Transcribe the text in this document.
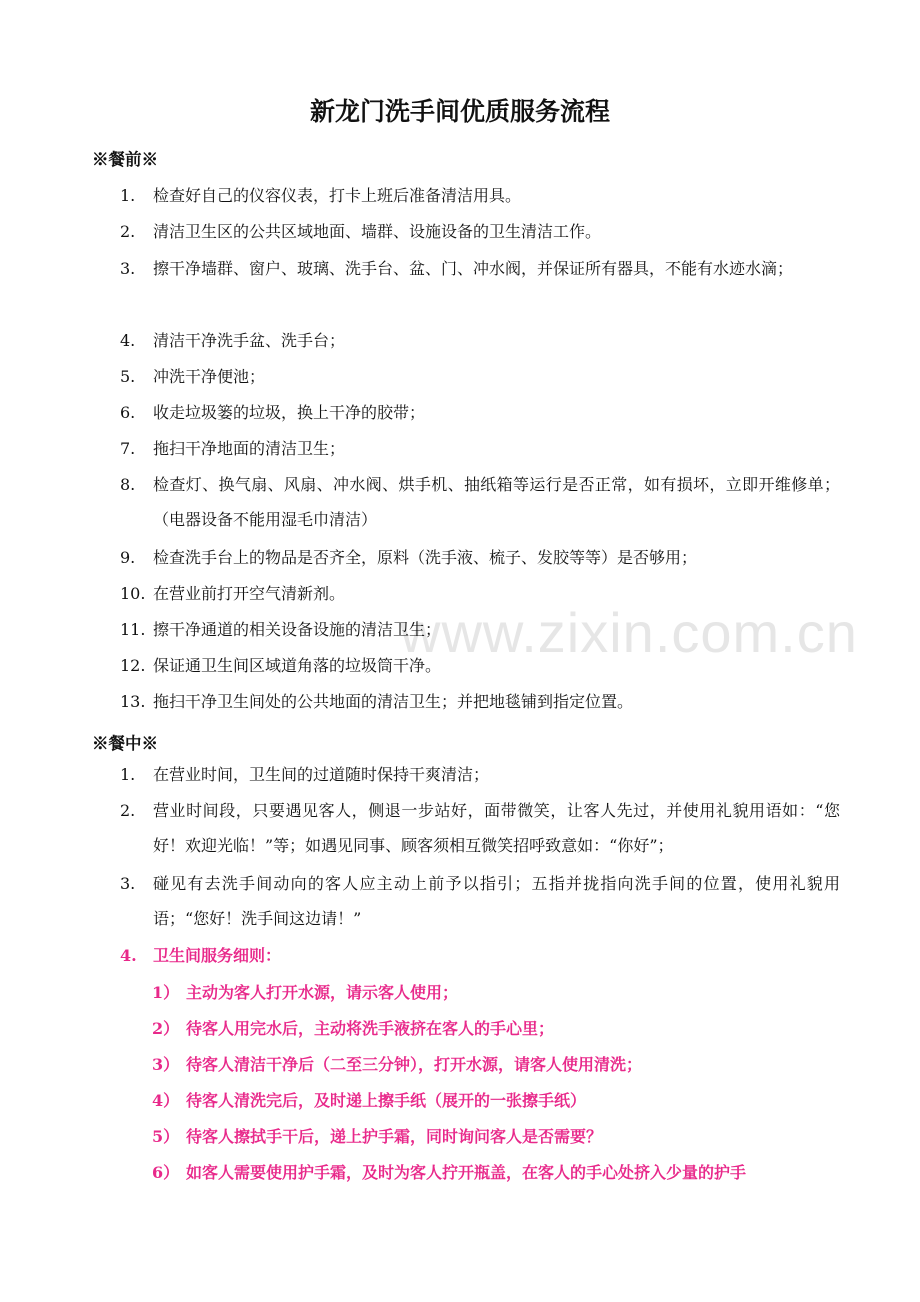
www.zixin.com.cn
新龙门洗手间优质服务流程
※餐前※
1. 检查好自己的仪容仪表，打卡上班后准备清洁用具。
2. 清洁卫生区的公共区域地面、墙群、设施设备的卫生清洁工作。
3. 擦干净墙群、窗户、玻璃、洗手台、盆、门、冲水阀，并保证所有器具，不能有水迹水滴；
4. 清洁干净洗手盆、洗手台；
5. 冲洗干净便池；
6. 收走垃圾篓的垃圾，换上干净的胶带；
7. 拖扫干净地面的清洁卫生；
8. 检查灯、换气扇、风扇、冲水阀、烘手机、抽纸箱等运行是否正常，如有损坏，立即开维修单；（电器设备不能用湿毛巾清洁）
9. 检查洗手台上的物品是否齐全，原料（洗手液、梳子、发胶等等）是否够用；
10. 在营业前打开空气清新剂。
11. 擦干净通道的相关设备设施的清洁卫生；
12. 保证通卫生间区域道角落的垃圾筒干净。
13. 拖扫干净卫生间处的公共地面的清洁卫生；并把地毯铺到指定位置。
※餐中※
1. 在营业时间，卫生间的过道随时保持干爽清洁；
2. 营业时间段，只要遇见客人，侧退一步站好，面带微笑，让客人先过，并使用礼貌用语如：“您好！欢迎光临！”等；如遇见同事、顾客须相互微笑招呼致意如：“你好”；
3. 碰见有去洗手间动向的客人应主动上前予以指引；五指并拢指向洗手间的位置，使用礼貌用语；“您好！洗手间这边请！”
4. 卫生间服务细则：
1） 主动为客人打开水源，请示客人使用；
2） 待客人用完水后，主动将洗手液挤在客人的手心里；
3） 待客人清洁干净后（二至三分钟），打开水源，请客人使用清洗；
4） 待客人清洗完后，及时递上擦手纸（展开的一张擦手纸）
5） 待客人擦拭手干后，递上护手霜，同时询问客人是否需要？
6） 如客人需要使用护手霜，及时为客人拧开瓶盖，在客人的手心处挤入少量的护手
